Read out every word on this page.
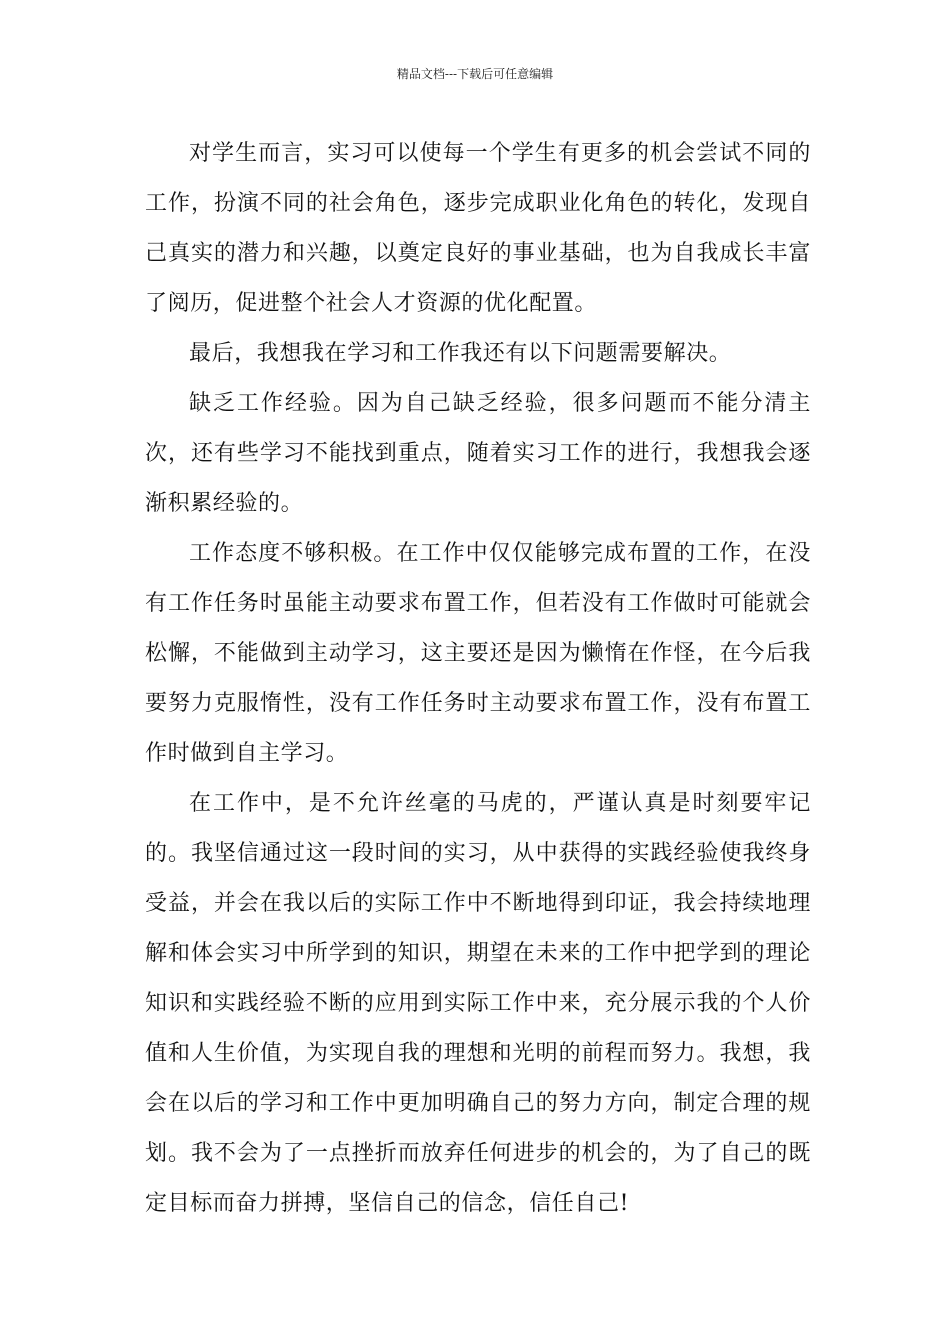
精品文档---下载后可任意编辑

对学生而言，实习可以使每一个学生有更多的机会尝试不同的工作，扮演不同的社会角色，逐步完成职业化角色的转化，发现自己真实的潜力和兴趣，以奠定良好的事业基础，也为自我成长丰富了阅历，促进整个社会人才资源的优化配置。

最后，我想我在学习和工作我还有以下问题需要解决。

缺乏工作经验。因为自己缺乏经验，很多问题而不能分清主次，还有些学习不能找到重点，随着实习工作的进行，我想我会逐渐积累经验的。

工作态度不够积极。在工作中仅仅能够完成布置的工作，在没有工作任务时虽能主动要求布置工作，但若没有工作做时可能就会松懈，不能做到主动学习，这主要还是因为懒惰在作怪，在今后我要努力克服惰性，没有工作任务时主动要求布置工作，没有布置工作时做到自主学习。

在工作中，是不允许丝毫的马虎的，严谨认真是时刻要牢记的。我坚信通过这一段时间的实习，从中获得的实践经验使我终身受益，并会在我以后的实际工作中不断地得到印证，我会持续地理解和体会实习中所学到的知识，期望在未来的工作中把学到的理论知识和实践经验不断的应用到实际工作中来，充分展示我的个人价值和人生价值，为实现自我的理想和光明的前程而努力。我想，我会在以后的学习和工作中更加明确自己的努力方向，制定合理的规划。我不会为了一点挫折而放弃任何进步的机会的，为了自己的既定目标而奋力拼搏，坚信自己的信念，信任自己!
